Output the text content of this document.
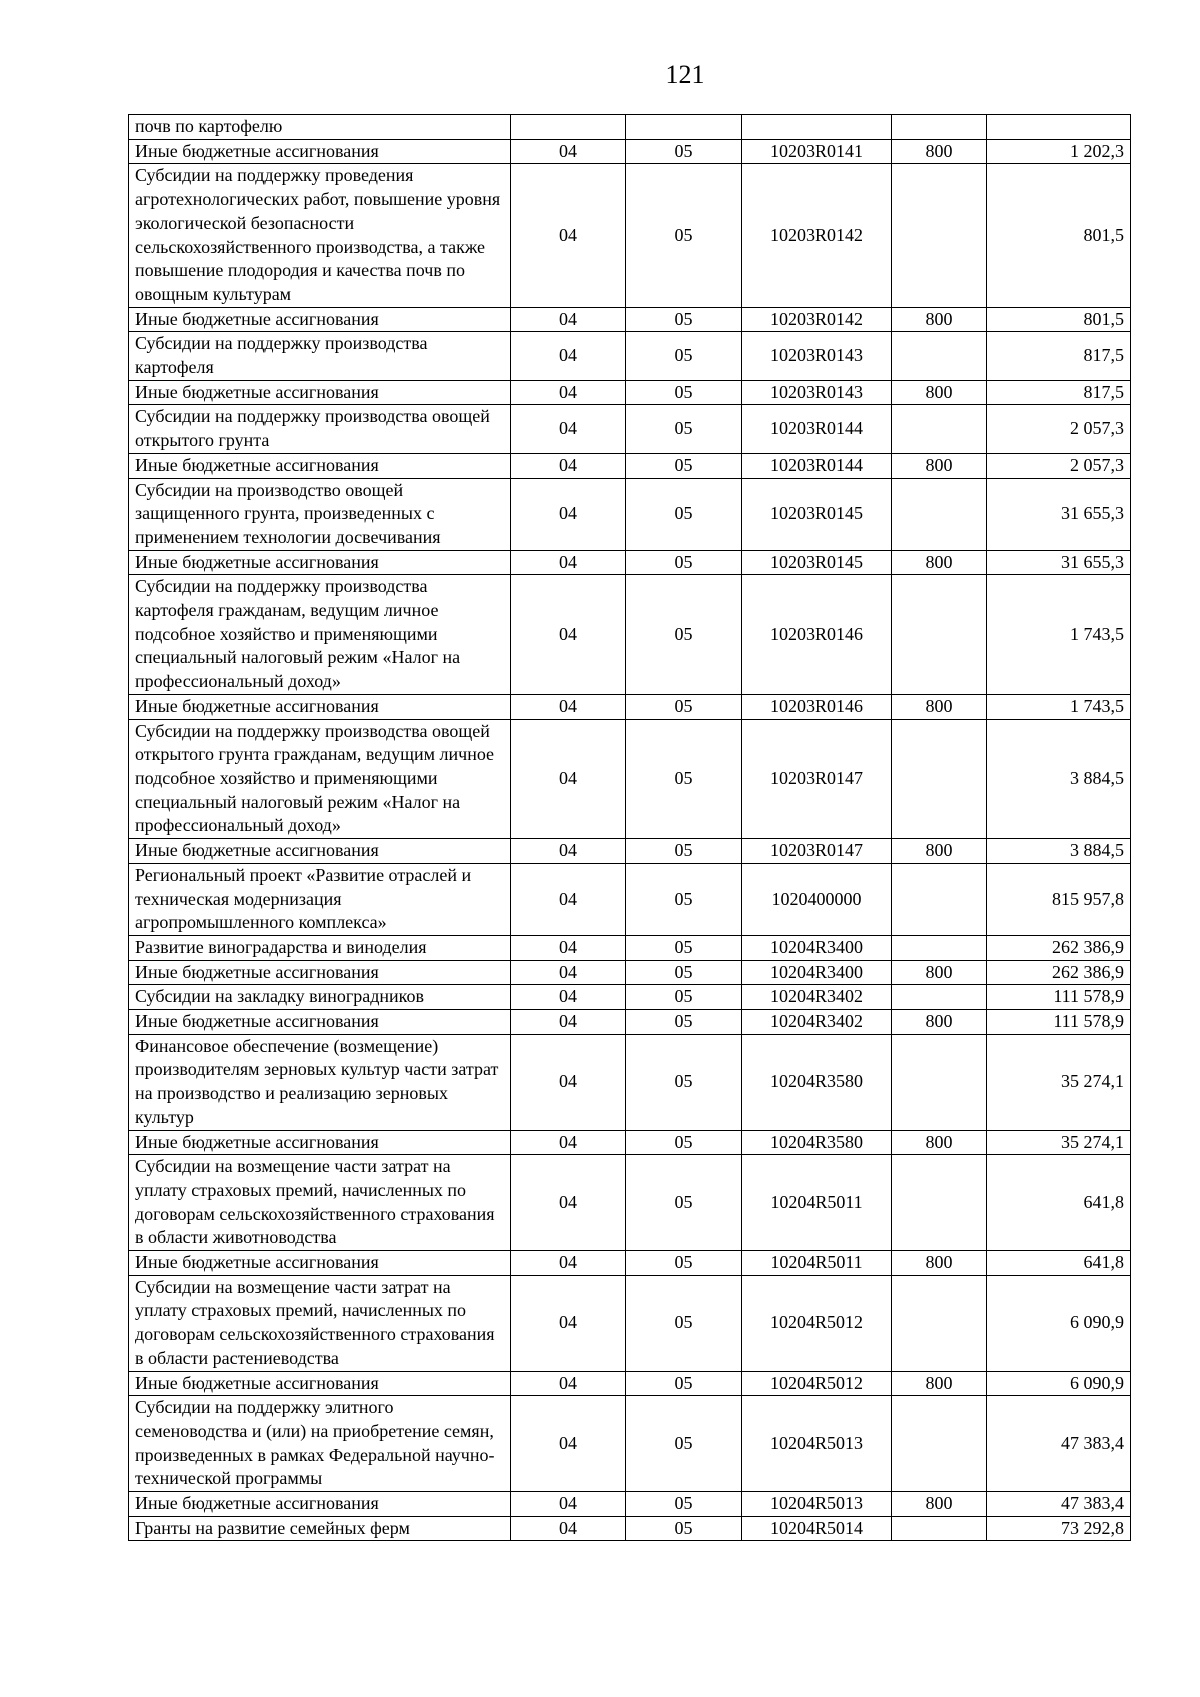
121
почв по картофелю					
Иные бюджетные ассигнования	04	05	10203R0141	800	1 202,3
Субсидии на поддержку проведения агротехнологических работ, повышение уровня экологической безопасности сельскохозяйственного производства, а также повышение плодородия и качества почв по овощным культурам	04	05	10203R0142		801,5
Иные бюджетные ассигнования	04	05	10203R0142	800	801,5
Субсидии на поддержку производства картофеля	04	05	10203R0143		817,5
Иные бюджетные ассигнования	04	05	10203R0143	800	817,5
Субсидии на поддержку производства овощей открытого грунта	04	05	10203R0144		2 057,3
Иные бюджетные ассигнования	04	05	10203R0144	800	2 057,3
Субсидии на производство овощей защищенного грунта, произведенных с применением технологии досвечивания	04	05	10203R0145		31 655,3
Иные бюджетные ассигнования	04	05	10203R0145	800	31 655,3
Субсидии на поддержку производства картофеля гражданам, ведущим личное подсобное хозяйство и применяющими специальный налоговый режим «Налог на профессиональный доход»	04	05	10203R0146		1 743,5
Иные бюджетные ассигнования	04	05	10203R0146	800	1 743,5
Субсидии на поддержку производства овощей открытого грунта гражданам, ведущим личное подсобное хозяйство и применяющими специальный налоговый режим «Налог на профессиональный доход»	04	05	10203R0147		3 884,5
Иные бюджетные ассигнования	04	05	10203R0147	800	3 884,5
Региональный проект «Развитие отраслей и техническая модернизация агропромышленного комплекса»	04	05	1020400000		815 957,8
Развитие виноградарства и виноделия	04	05	10204R3400		262 386,9
Иные бюджетные ассигнования	04	05	10204R3400	800	262 386,9
Субсидии на закладку виноградников	04	05	10204R3402		111 578,9
Иные бюджетные ассигнования	04	05	10204R3402	800	111 578,9
Финансовое обеспечение (возмещение) производителям зерновых культур части затрат на производство и реализацию зерновых культур	04	05	10204R3580		35 274,1
Иные бюджетные ассигнования	04	05	10204R3580	800	35 274,1
Субсидии на возмещение части затрат на уплату страховых премий, начисленных по договорам сельскохозяйственного страхования в области животноводства	04	05	10204R5011		641,8
Иные бюджетные ассигнования	04	05	10204R5011	800	641,8
Субсидии на возмещение части затрат на уплату страховых премий, начисленных по договорам сельскохозяйственного страхования в области растениеводства	04	05	10204R5012		6 090,9
Иные бюджетные ассигнования	04	05	10204R5012	800	6 090,9
Субсидии на поддержку элитного семеноводства и (или) на приобретение семян, произведенных в рамках Федеральной научно-технической программы	04	05	10204R5013		47 383,4
Иные бюджетные ассигнования	04	05	10204R5013	800	47 383,4
Гранты на развитие семейных ферм	04	05	10204R5014		73 292,8
